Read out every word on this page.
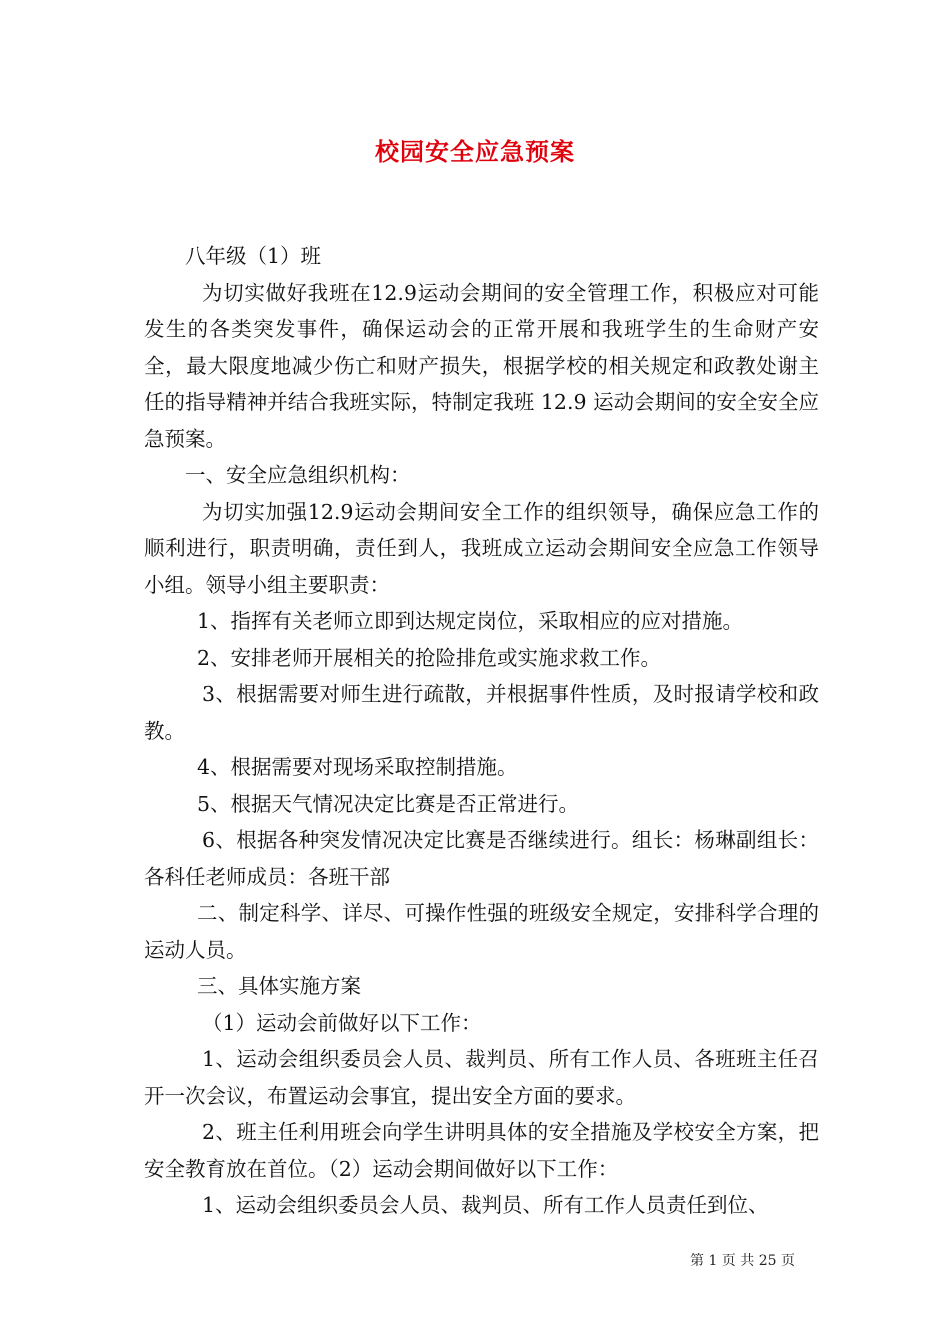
校园安全应急预案

八年级（1）班

为切实做好我班在12.9运动会期间的安全管理工作，积极应对可能发生的各类突发事件，确保运动会的正常开展和我班学生的生命财产安全，最大限度地减少伤亡和财产损失，根据学校的相关规定和政教处谢主任的指导精神并结合我班实际，特制定我班 12.9 运动会期间的安全安全应急预案。

一、安全应急组织机构：

为切实加强12.9运动会期间安全工作的组织领导，确保应急工作的顺利进行，职责明确，责任到人，我班成立运动会期间安全应急工作领导小组。领导小组主要职责：

1、指挥有关老师立即到达规定岗位，采取相应的应对措施。

2、安排老师开展相关的抢险排危或实施求救工作。

3、根据需要对师生进行疏散，并根据事件性质，及时报请学校和政教。

4、根据需要对现场采取控制措施。

5、根据天气情况决定比赛是否正常进行。

6、根据各种突发情况决定比赛是否继续进行。组长：杨琳副组长：各科任老师成员：各班干部

二、制定科学、详尽、可操作性强的班级安全规定，安排科学合理的运动人员。

三、具体实施方案

（1）运动会前做好以下工作：

1、运动会组织委员会人员、裁判员、所有工作人员、各班班主任召开一次会议，布置运动会事宜，提出安全方面的要求。

2、班主任利用班会向学生讲明具体的安全措施及学校安全方案，把安全教育放在首位。（2）运动会期间做好以下工作：

1、运动会组织委员会人员、裁判员、所有工作人员责任到位、

第 1 页 共 25 页
